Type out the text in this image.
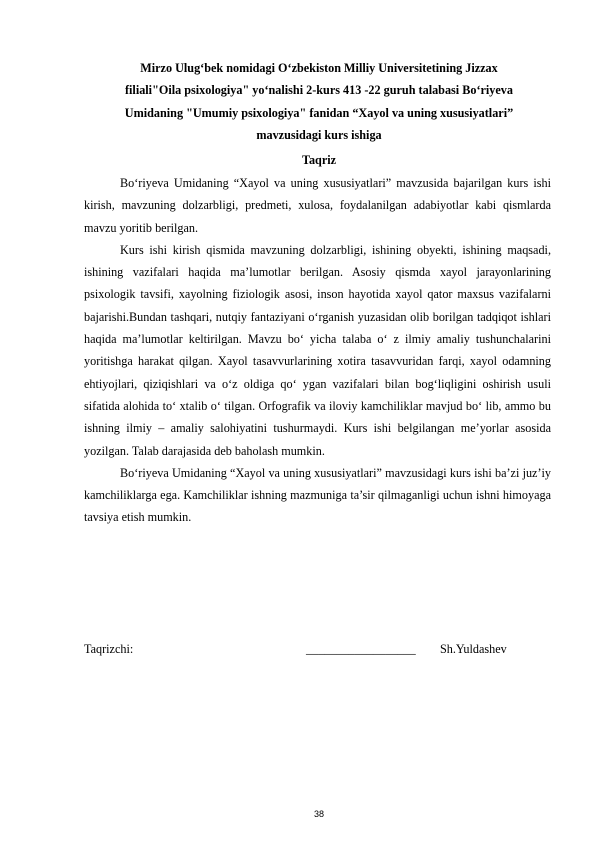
Mirzo Ulug‘bek nomidagi O‘zbekiston Milliy Universitetining Jizzax
filiali"Oila psixologiya" yo‘nalishi 2-kurs 413 -22 guruh talabasi Bo‘riyeva
Umidaning "Umumiy psixologiya" fanidan “Xayol va uning xususiyatlari”
mavzusidagi kurs ishiga
Taqriz

Bo‘riyeva Umidaning “Xayol va uning xususiyatlari” mavzusida bajarilgan kurs ishi kirish, mavzuning dolzarbligi, predmeti, xulosa, foydalanilgan adabiyotlar kabi qismlarda mavzu yoritib berilgan.

Kurs ishi kirish qismida mavzuning dolzarbligi, ishining obyekti, ishining maqsadi, ishining vazifalari haqida ma’lumotlar berilgan. Asosiy qismda xayol jarayonlarining psixologik tavsifi, xayolning fiziologik asosi, inson hayotida xayol qator maxsus vazifalarni bajarishi.Bundan tashqari, nutqiy fantaziyani o‘rganish yuzasidan olib borilgan tadqiqot ishlari haqida ma’lumotlar keltirilgan. Mavzu bo‘ yicha talaba o‘ z ilmiy amaliy tushunchalarini yoritishga harakat qilgan. Xayol tasavvurlarining xotira tasavvuridan farqi, xayol odamning ehtiyojlari, qiziqishlari va o‘z oldiga qo‘ ygan vazifalari bilan bog‘liqligini oshirish usuli sifatida alohida to‘ xtalib o‘ tilgan. Orfografik va iloviy kamchiliklar mavjud bo‘ lib, ammo bu ishning ilmiy – amaliy salohiyatini tushurmaydi. Kurs ishi belgilangan me’yorlar asosida yozilgan. Talab darajasida deb baholash mumkin.

Bo‘riyeva Umidaning “Xayol va uning xususiyatlari” mavzusidagi kurs ishi ba’zi juz’iy kamchiliklarga ega. Kamchiliklar ishning mazmuniga ta’sir qilmaganligi uchun ishni himoyaga tavsiya etish mumkin.

Taqrizchi:	__________________ Sh.Yuldashev
38
